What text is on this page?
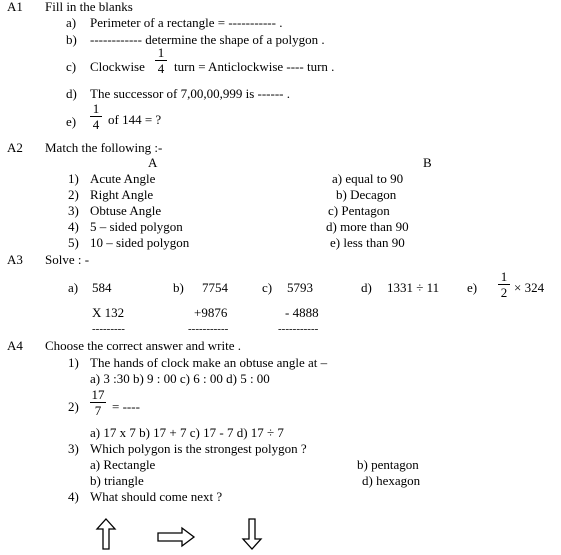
A1 Fill in the blanks
a) Perimeter of a rectangle = ----------- .
b) ------------ determine the shape of a polygon .
c) Clockwise
1
4 turn = Anticlockwise ---- turn .
d) The successor of 7,00,00,999 is ------ .
e)
1
4 of 144 = ?
A2 Match the following :-
A	B
1) Acute Angle
2) Right Angle
3) Obtuse Angle
4) 5 – sided polygon
5) 10 – sided polygon
a) equal to 90
b) Decagon
c) Pentagon
d) more than 90
e) less than 90
A3 Solve : -
a) 584
X 132
---------
b) 7754
+9876
-----------
c) 5793
- 4888
-----------
d) 1331 ÷ 11 e)
1
2 × 324
A4 Choose the correct answer and write .
1) The hands of clock make an obtuse angle at –
a) 3 :30 b) 9 : 00 c) 6 : 00 d) 5 : 00
2)
17
7 = ----
a) 17 x 7 b) 17 + 7 c) 17 - 7 d) 17 ÷ 7
3) Which polygon is the strongest polygon ?
a) Rectangle
b) triangle
b) pentagon
d) hexagon
4) What should come next ?
